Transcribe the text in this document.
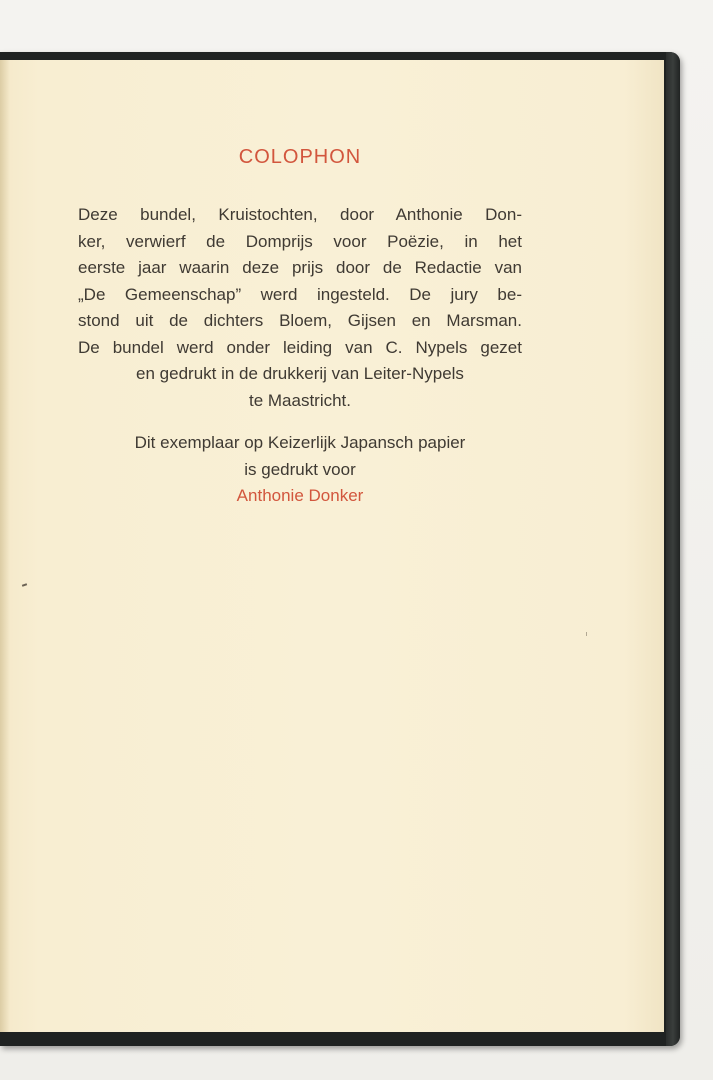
COLOPHON
Deze bundel, Kruistochten, door Anthonie Don-
ker, verwierf de Domprijs voor Poëzie, in het
eerste jaar waarin deze prijs door de Redactie van
„De Gemeenschap” werd ingesteld. De jury be-
stond uit de dichters Bloem, Gijsen en Marsman.
De bundel werd onder leiding van C. Nypels gezet
en gedrukt in de drukkerij van Leiter-Nypels
te Maastricht.
Dit exemplaar op Keizerlijk Japansch papier
is gedrukt voor
Anthonie Donker
